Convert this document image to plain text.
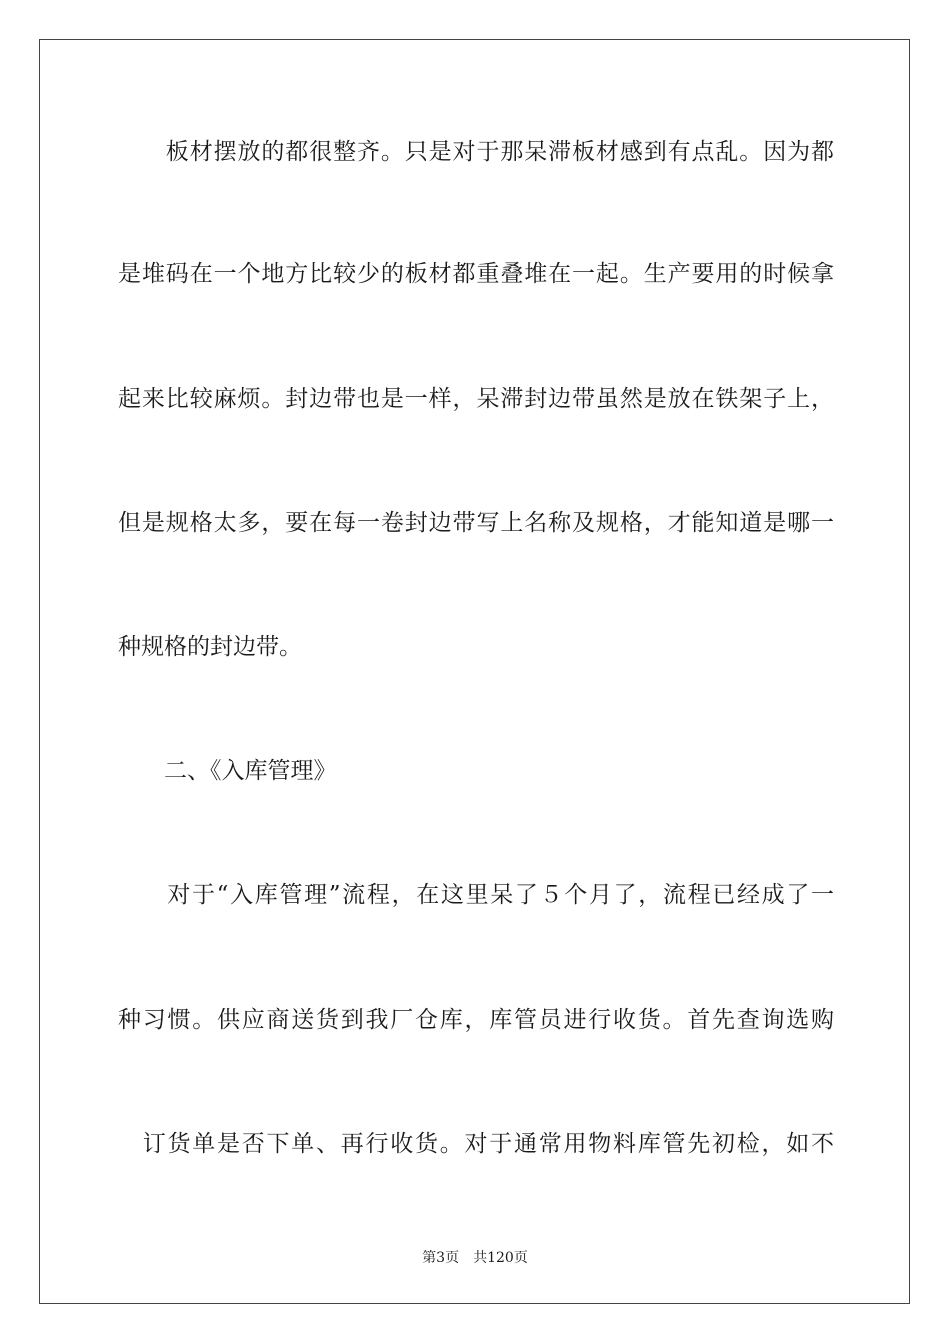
　　板材摆放的都很整齐。只是对于那呆滞板材感到有点乱。因为都
是堆码在一个地方比较少的板材都重叠堆在一起。生产要用的时候拿
起来比较麻烦。封边带也是一样，呆滞封边带虽然是放在铁架子上，
但是规格太多，要在每一卷封边带写上名称及规格，才能知道是哪一
种规格的封边带。
　　二、《入库管理》
　　对于“入库管理”流程，在这里呆了５个月了，流程已经成了一
种习惯。供应商送货到我厂仓库，库管员进行收货。首先查询选购
　订货单是否下单、再行收货。对于通常用物料库管先初检，如不
第3页 共120页
